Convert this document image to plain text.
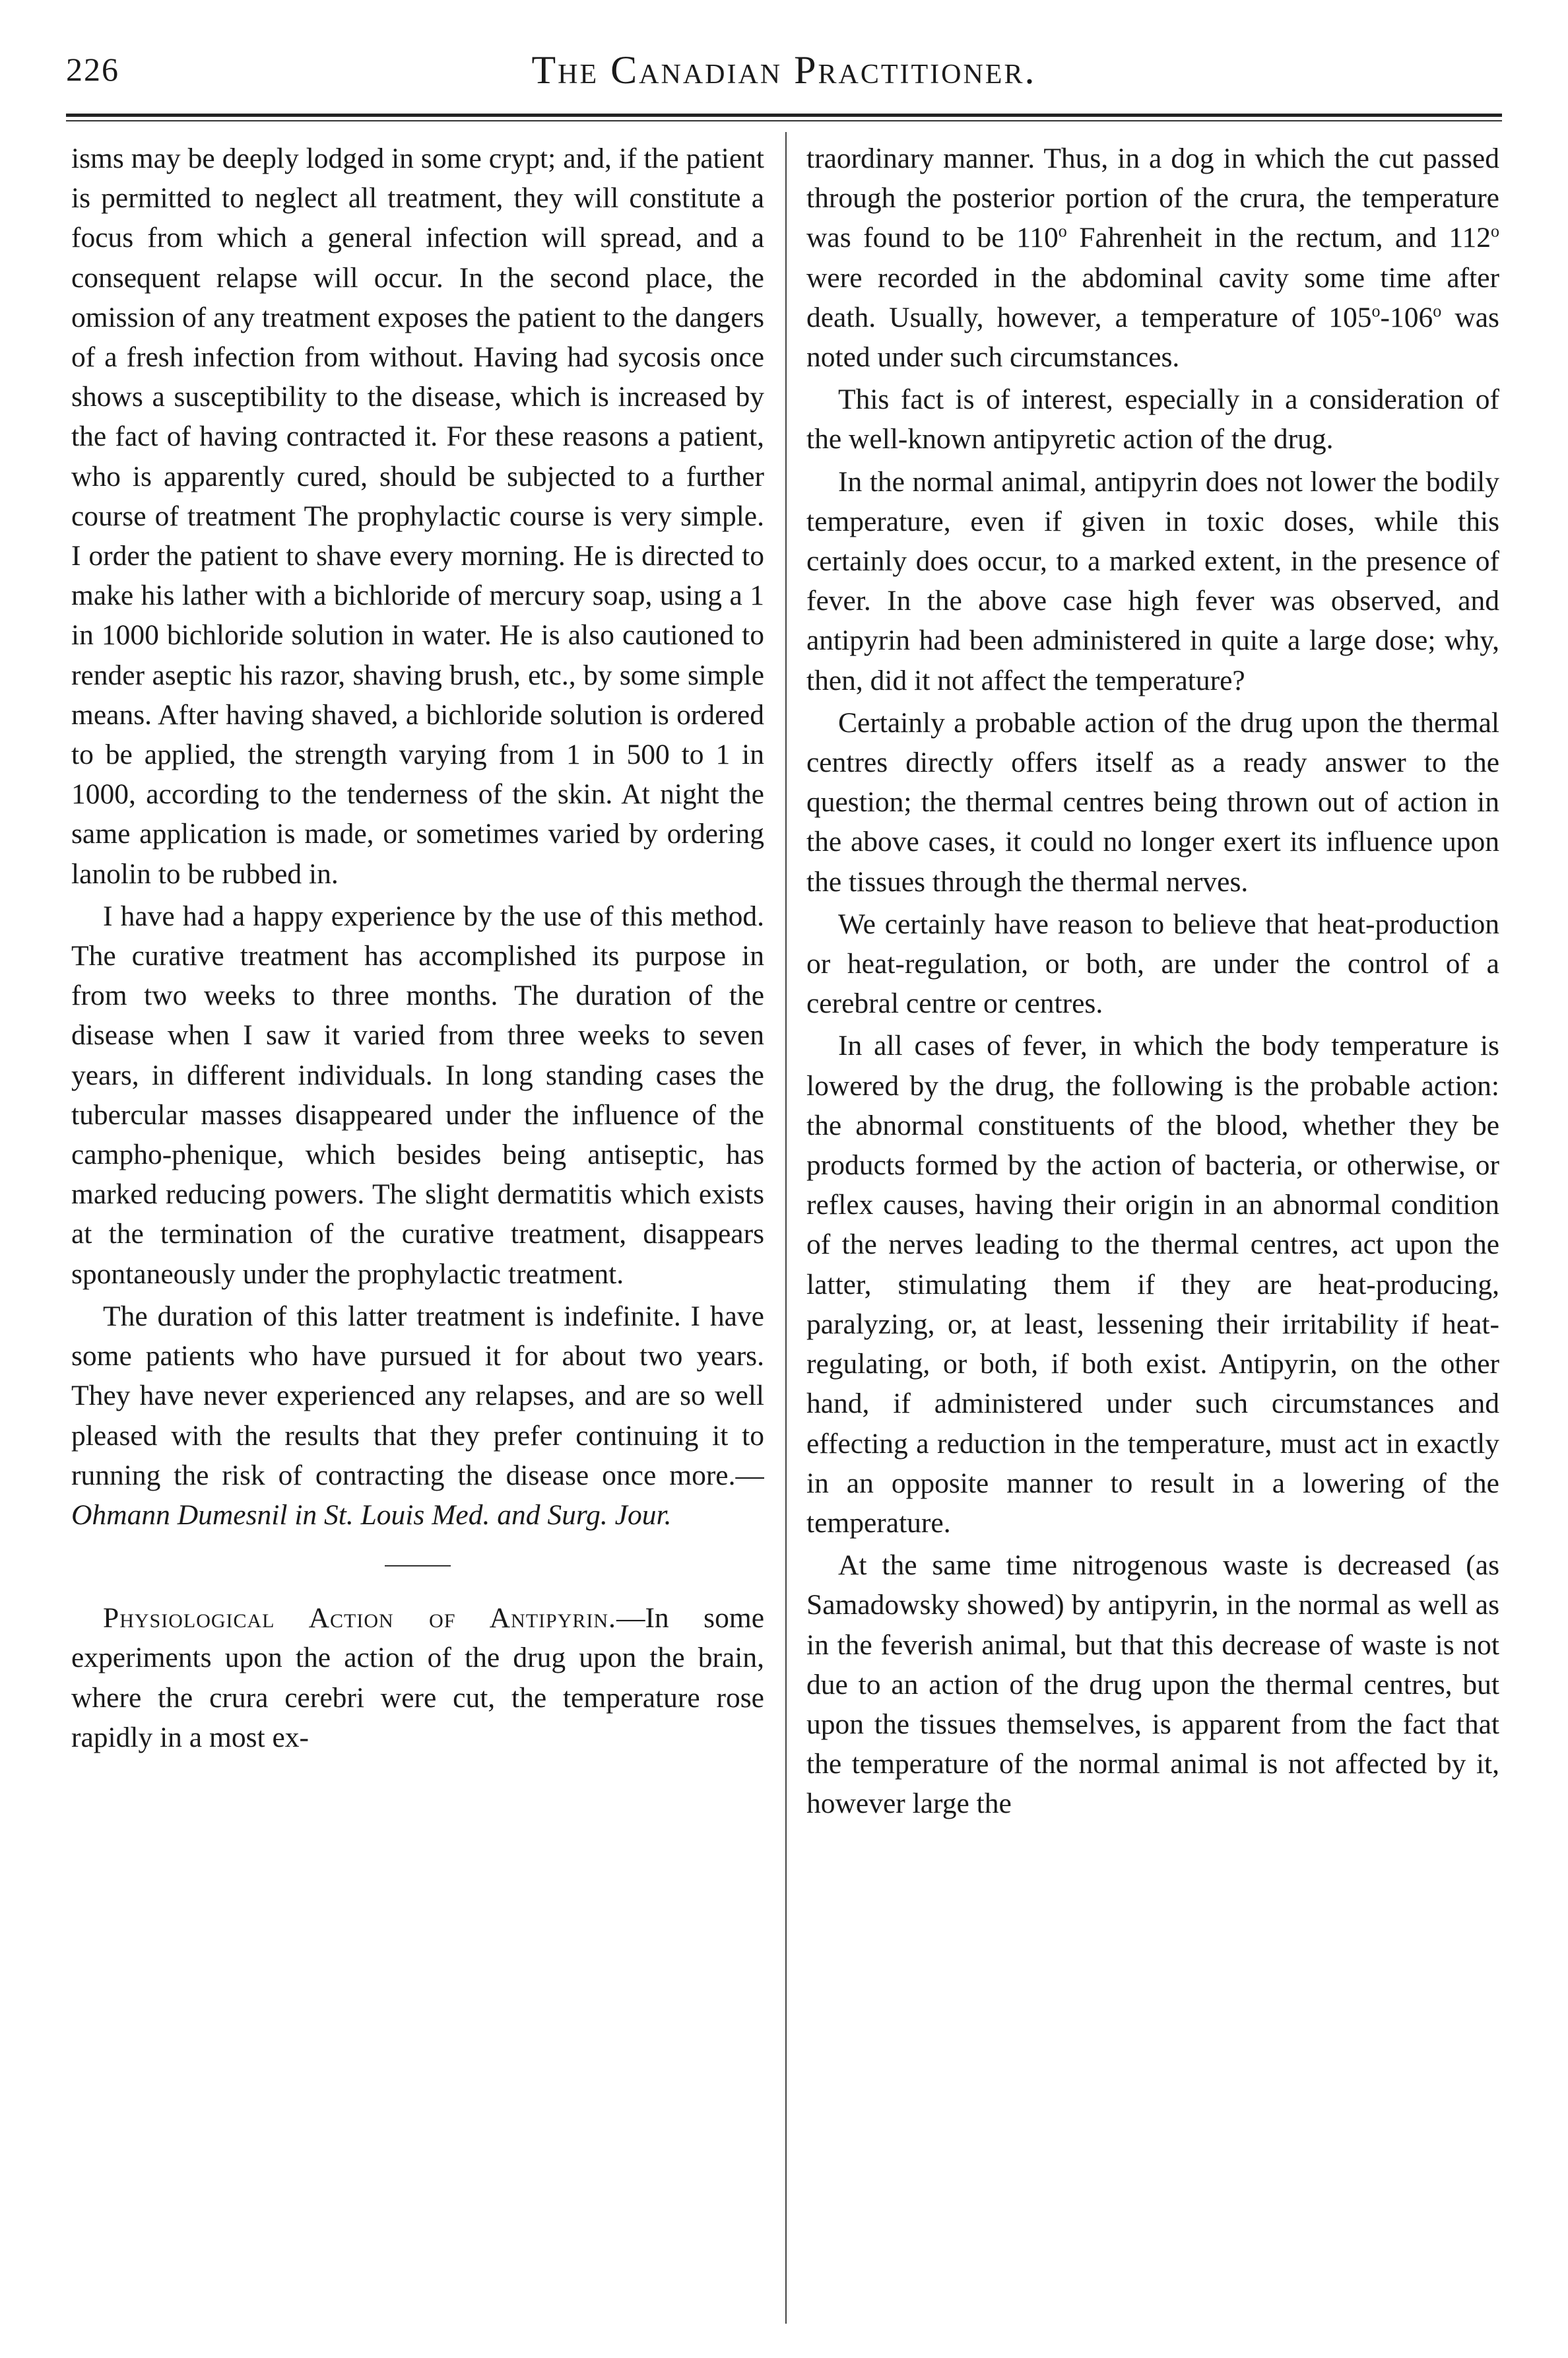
226	The Canadian Practitioner.

isms may be deeply lodged in some crypt; and, if the patient is permitted to neglect all treatment, they will constitute a focus from which a general infection will spread, and a consequent relapse will occur. In the second place, the omission of any treatment exposes the patient to the dangers of a fresh infection from without. Having had sycosis once shows a susceptibility to the disease, which is increased by the fact of having contracted it. For these reasons a patient, who is apparently cured, should be subjected to a further course of treatment The prophylactic course is very simple. I order the patient to shave every morning. He is directed to make his lather with a bichloride of mercury soap, using a 1 in 1000 bichloride solution in water. He is also cautioned to render aseptic his razor, shaving brush, etc., by some simple means. After having shaved, a bichloride solution is ordered to be applied, the strength varying from 1 in 500 to 1 in 1000, according to the tenderness of the skin. At night the same application is made, or sometimes varied by ordering lanolin to be rubbed in.

I have had a happy experience by the use of this method. The curative treatment has accomplished its purpose in from two weeks to three months. The duration of the disease when I saw it varied from three weeks to seven years, in different individuals. In long standing cases the tubercular masses disappeared under the influence of the campho-phenique, which besides being antiseptic, has marked reducing powers. The slight dermatitis which exists at the termination of the curative treatment, disappears spontaneously under the prophylactic treatment.

The duration of this latter treatment is indefinite. I have some patients who have pursued it for about two years. They have never experienced any relapses, and are so well pleased with the results that they prefer continuing it to running the risk of contracting the disease once more.— Ohmann Dumesnil in St. Louis Med. and Surg. Jour.

Physiological Action of Antipyrin.—In some experiments upon the action of the drug upon the brain, where the crura cerebri were cut, the temperature rose rapidly in a most ex-

traordinary manner. Thus, in a dog in which the cut passed through the posterior portion of the crura, the temperature was found to be 110$^o$ Fahrenheit in the rectum, and 112$^o$ were recorded in the abdominal cavity some time after death. Usually, however, a temperature of 105$^o$-106$^o$ was noted under such circumstances.

This fact is of interest, especially in a consideration of the well-known antipyretic action of the drug.

In the normal animal, antipyrin does not lower the bodily temperature, even if given in toxic doses, while this certainly does occur, to a marked extent, in the presence of fever. In the above case high fever was observed, and antipyrin had been administered in quite a large dose; why, then, did it not affect the temperature?

Certainly a probable action of the drug upon the thermal centres directly offers itself as a ready answer to the question; the thermal centres being thrown out of action in the above cases, it could no longer exert its influence upon the tissues through the thermal nerves.

We certainly have reason to believe that heat-production or heat-regulation, or both, are under the control of a cerebral centre or centres.

In all cases of fever, in which the body temperature is lowered by the drug, the following is the probable action: the abnormal constituents of the blood, whether they be products formed by the action of bacteria, or otherwise, or reflex causes, having their origin in an abnormal condition of the nerves leading to the thermal centres, act upon the latter, stimulating them if they are heat-producing, paralyzing, or, at least, lessening their irritability if heat-regulating, or both, if both exist. Antipyrin, on the other hand, if administered under such circumstances and effecting a reduction in the temperature, must act in exactly in an opposite manner to result in a lowering of the temperature.

At the same time nitrogenous waste is decreased (as Samadowsky showed) by antipyrin, in the normal as well as in the feverish animal, but that this decrease of waste is not due to an action of the drug upon the thermal centres, but upon the tissues themselves, is apparent from the fact that the temperature of the normal animal is not affected by it, however large the
